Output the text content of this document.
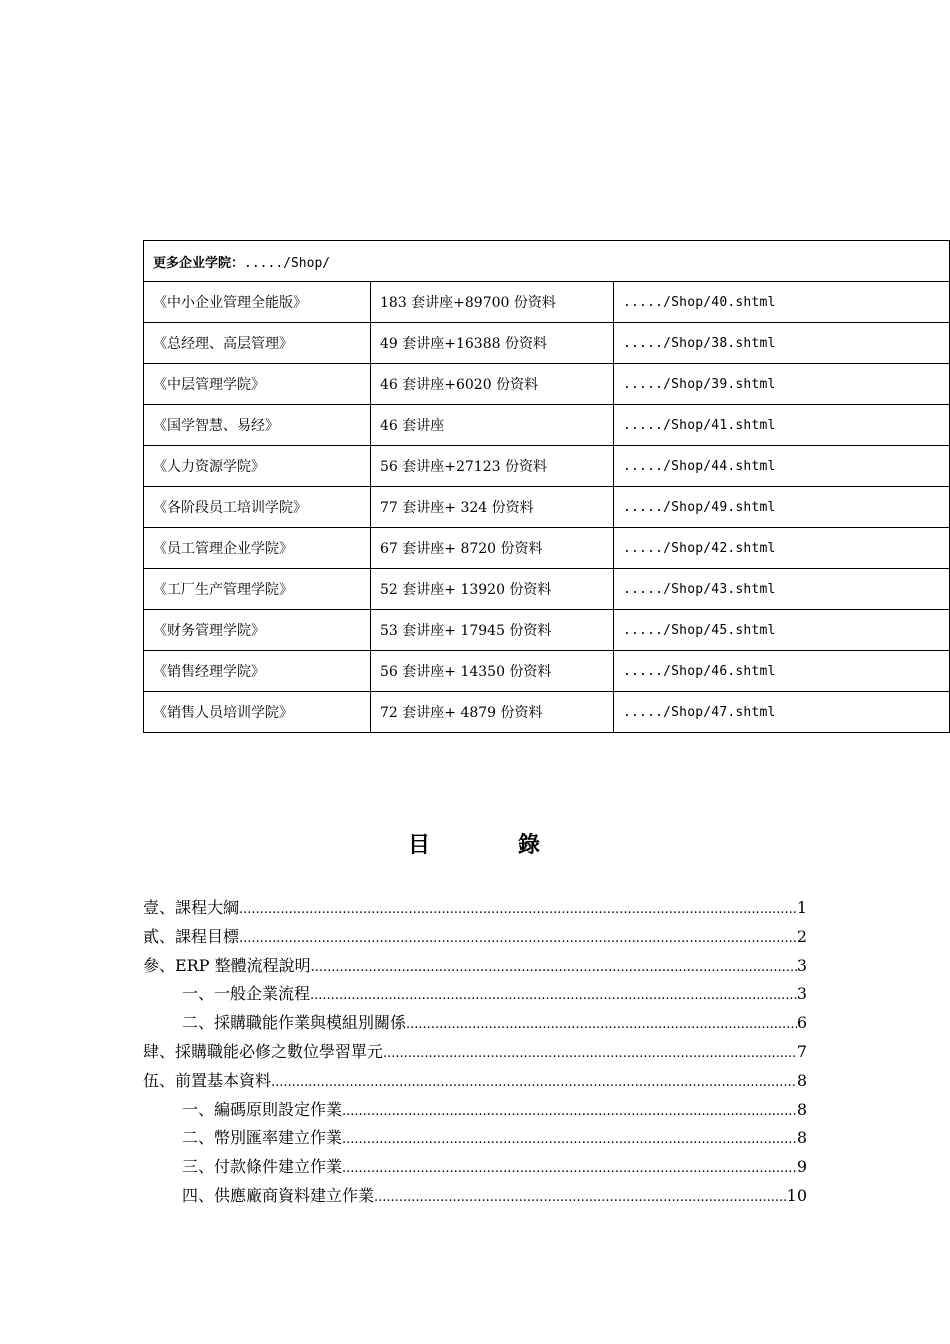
更多企业学院：...../Shop/		
《中小企业管理全能版》	183 套讲座+89700 份资料	...../Shop/40.shtml
《总经理、高层管理》	49 套讲座+16388 份资料	...../Shop/38.shtml
《中层管理学院》	46 套讲座+6020 份资料	...../Shop/39.shtml
《国学智慧、易经》	46 套讲座	...../Shop/41.shtml
《人力资源学院》	56 套讲座+27123 份资料	...../Shop/44.shtml
《各阶段员工培训学院》	77 套讲座+ 324 份资料	...../Shop/49.shtml
《员工管理企业学院》	67 套讲座+ 8720 份资料	...../Shop/42.shtml
《工厂生产管理学院》	52 套讲座+ 13920 份资料	...../Shop/43.shtml
《财务管理学院》	53 套讲座+ 17945 份资料	...../Shop/45.shtml
《销售经理学院》	56 套讲座+ 14350 份资料	...../Shop/46.shtml
《销售人员培训学院》	72 套讲座+ 4879 份资料	...../Shop/47.shtml
目	錄
壹、課程大綱 .....	1
貳、課程目標 .....	2
參、ERP 整體流程說明 .....	3
一、一般企業流程 .....	3
二、採購職能作業與模組別關係 .....	6
肆、採購職能必修之數位學習單元 .....	7
伍、前置基本資料 .....	8
一、編碼原則設定作業 .....	8
二、幣別匯率建立作業 .....	8
三、付款條件建立作業 .....	9
四、供應廠商資料建立作業 .....	10
